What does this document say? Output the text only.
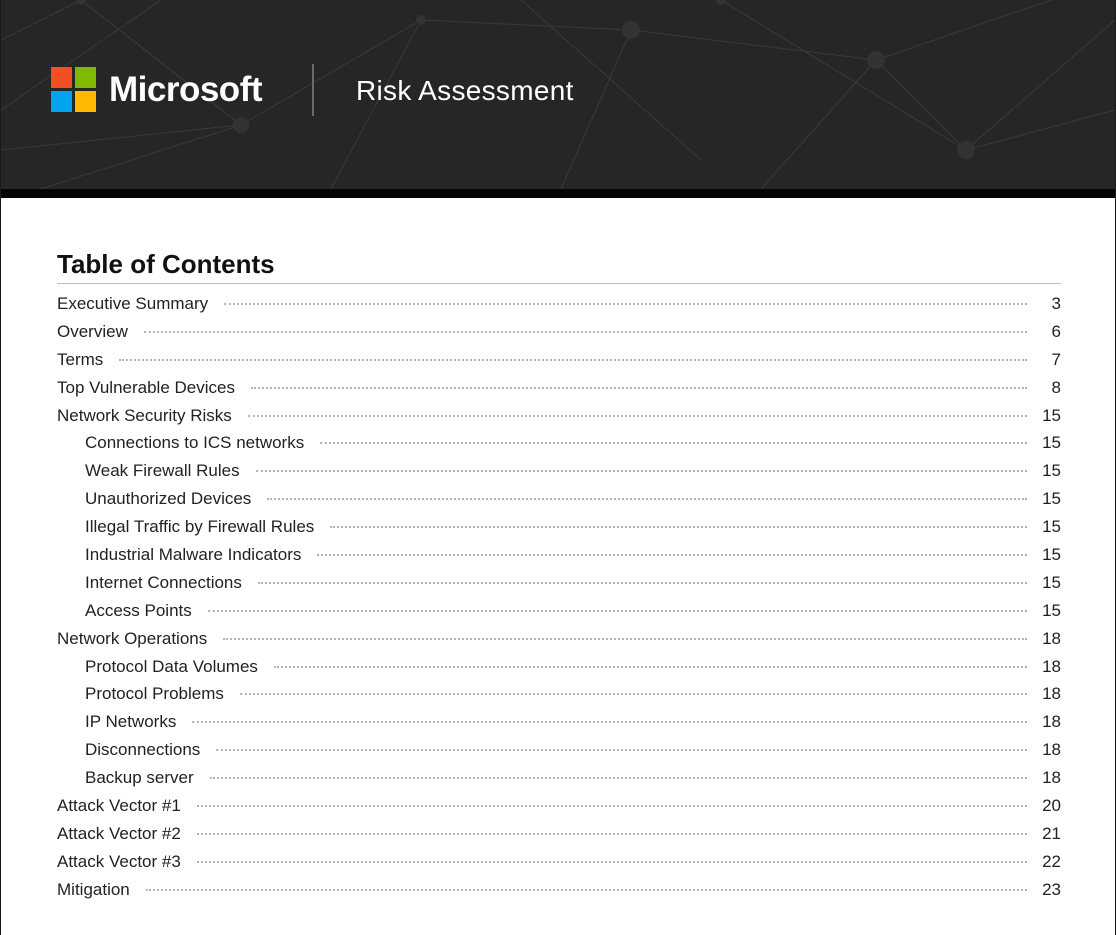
Microsoft	Risk Assessment
Table of Contents
Executive Summary	3
Overview	6
Terms	7
Top Vulnerable Devices	8
Network Security Risks	15
Connections to ICS networks	15
Weak Firewall Rules	15
Unauthorized Devices	15
Illegal Traffic by Firewall Rules	15
Industrial Malware Indicators	15
Internet Connections	15
Access Points	15
Network Operations	18
Protocol Data Volumes	18
Protocol Problems	18
IP Networks	18
Disconnections	18
Backup server	18
Attack Vector #1	20
Attack Vector #2	21
Attack Vector #3	22
Mitigation	23
